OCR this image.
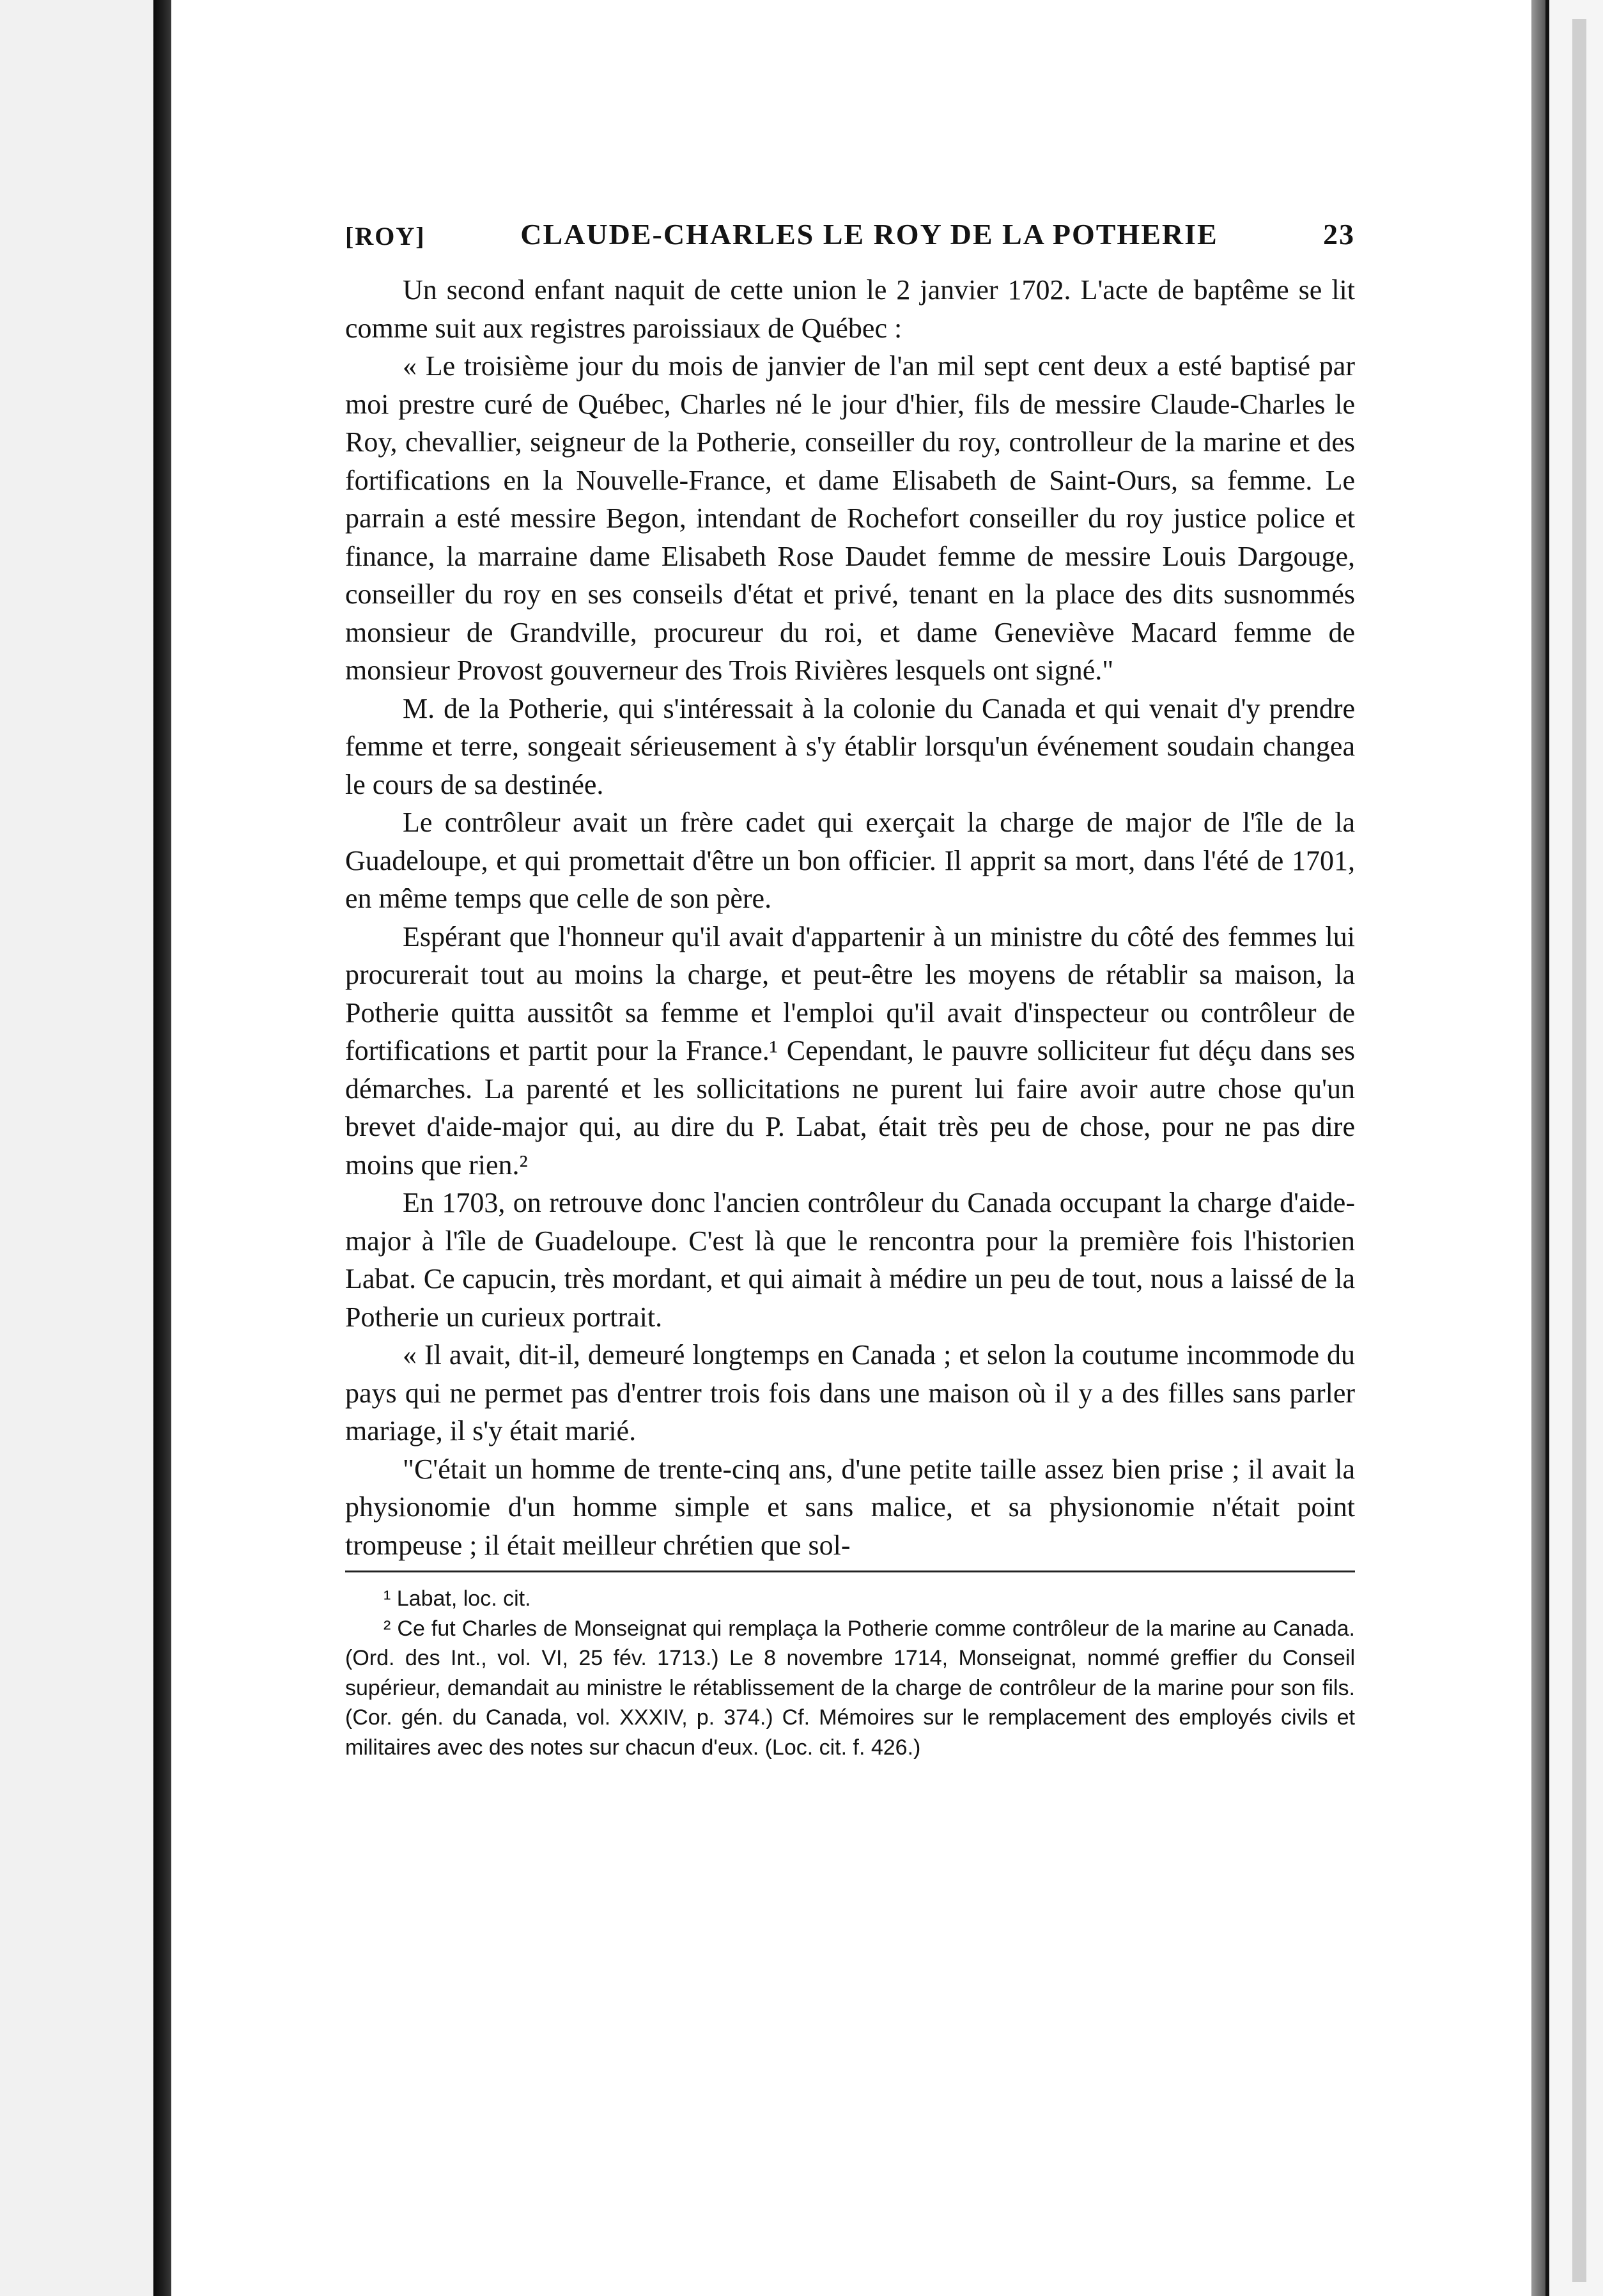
[ROY]	CLAUDE-CHARLES LE ROY DE LA POTHERIE	23

Un second enfant naquit de cette union le 2 janvier 1702. L'acte de baptême se lit comme suit aux registres paroissiaux de Québec :

« Le troisième jour du mois de janvier de l'an mil sept cent deux a esté baptisé par moi prestre curé de Québec, Charles né le jour d'hier, fils de messire Claude-Charles le Roy, chevallier, seigneur de la Potherie, conseiller du roy, controlleur de la marine et des fortifications en la Nouvelle-France, et dame Elisabeth de Saint-Ours, sa femme. Le parrain a esté messire Begon, intendant de Rochefort conseiller du roy justice police et finance, la marraine dame Elisabeth Rose Daudet femme de messire Louis Dargouge, conseiller du roy en ses conseils d'état et privé, tenant en la place des dits susnommés monsieur de Grandville, procureur du roi, et dame Geneviève Macard femme de monsieur Provost gouverneur des Trois Rivières lesquels ont signé."

M. de la Potherie, qui s'intéressait à la colonie du Canada et qui venait d'y prendre femme et terre, songeait sérieusement à s'y établir lorsqu'un événement soudain changea le cours de sa destinée.

Le contrôleur avait un frère cadet qui exerçait la charge de major de l'île de la Guadeloupe, et qui promettait d'être un bon officier. Il apprit sa mort, dans l'été de 1701, en même temps que celle de son père.

Espérant que l'honneur qu'il avait d'appartenir à un ministre du côté des femmes lui procurerait tout au moins la charge, et peut-être les moyens de rétablir sa maison, la Potherie quitta aussitôt sa femme et l'emploi qu'il avait d'inspecteur ou contrôleur de fortifications et partit pour la France.¹ Cependant, le pauvre solliciteur fut déçu dans ses démarches. La parenté et les sollicitations ne purent lui faire avoir autre chose qu'un brevet d'aide-major qui, au dire du P. Labat, était très peu de chose, pour ne pas dire moins que rien.²

En 1703, on retrouve donc l'ancien contrôleur du Canada occupant la charge d'aide-major à l'île de Guadeloupe. C'est là que le rencontra pour la première fois l'historien Labat. Ce capucin, très mordant, et qui aimait à médire un peu de tout, nous a laissé de la Potherie un curieux portrait.

« Il avait, dit-il, demeuré longtemps en Canada ; et selon la coutume incommode du pays qui ne permet pas d'entrer trois fois dans une maison où il y a des filles sans parler mariage, il s'y était marié.

"C'était un homme de trente-cinq ans, d'une petite taille assez bien prise ; il avait la physionomie d'un homme simple et sans malice, et sa physionomie n'était point trompeuse ; il était meilleur chrétien que sol-

¹ Labat, loc. cit.

² Ce fut Charles de Monseignat qui remplaça la Potherie comme contrôleur de la marine au Canada. (Ord. des Int., vol. VI, 25 fév. 1713.) Le 8 novembre 1714, Monseignat, nommé greffier du Conseil supérieur, demandait au ministre le rétablissement de la charge de contrôleur de la marine pour son fils. (Cor. gén. du Canada, vol. XXXIV, p. 374.) Cf. Mémoires sur le remplacement des employés civils et militaires avec des notes sur chacun d'eux. (Loc. cit. f. 426.)
